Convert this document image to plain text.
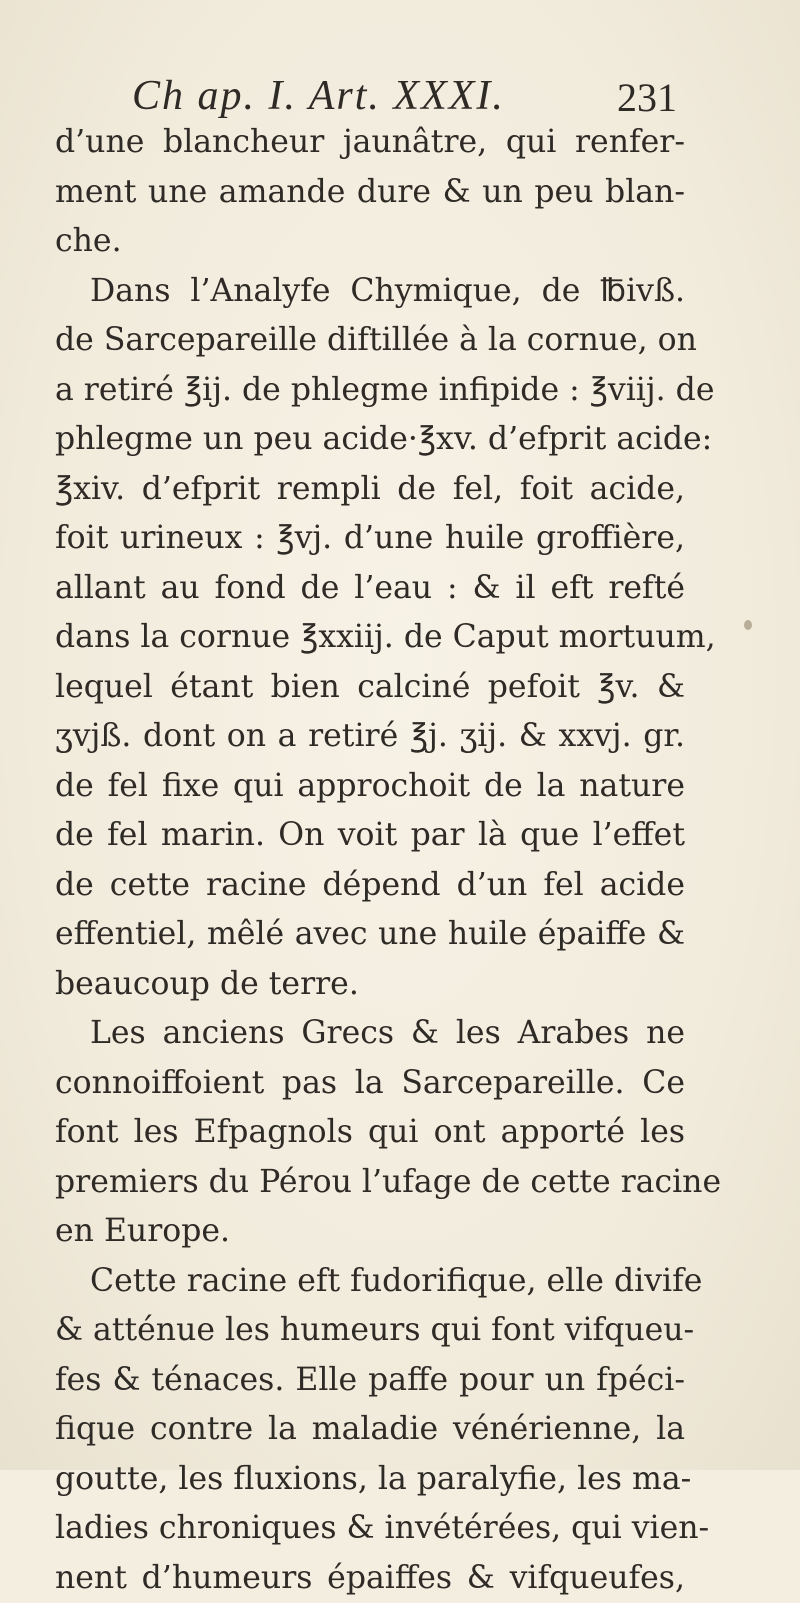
Ch ap. I. Art. XXXI.	231
d’une blancheur jaunâtre, qui renfer-
ment une amande dure & un peu blan-
che.
Dans l’Analyfe Chymique, de ℔ivß.
de Sarcepareille diftillée à la cornue, on
a retiré ℥ij. de phlegme infipide : ℥viij. de
phlegme un peu acide·℥xv. d’efprit acide:
℥xiv. d’efprit rempli de fel, foit acide,
foit urineux : ℥vj. d’une huile groffière,
allant au fond de l’eau : & il eft refté
dans la cornue ℥xxiij. de Caput mortuum,
lequel étant bien calciné pefoit ℥v. &
ʒvjß. dont on a retiré ℥j. ʒij. & xxvj. gr.
de fel fixe qui approchoit de la nature
de fel marin. On voit par là que l’effet
de cette racine dépend d’un fel acide
effentiel, mêlé avec une huile épaiffe &
beaucoup de terre.
Les anciens Grecs & les Arabes ne
connoiffoient pas la Sarcepareille. Ce
font les Efpagnols qui ont apporté les
premiers du Pérou l’ufage de cette racine
en Europe.
Cette racine eft fudorifique, elle divife
& atténue les humeurs qui font vifqueu-
fes & ténaces. Elle paffe pour un fpéci-
fique contre la maladie vénérienne, la
goutte, les fluxions, la paralyfie, les ma-
ladies chroniques & invétérées, qui vien-
nent d’humeurs épaiffes & vifqueufes,
